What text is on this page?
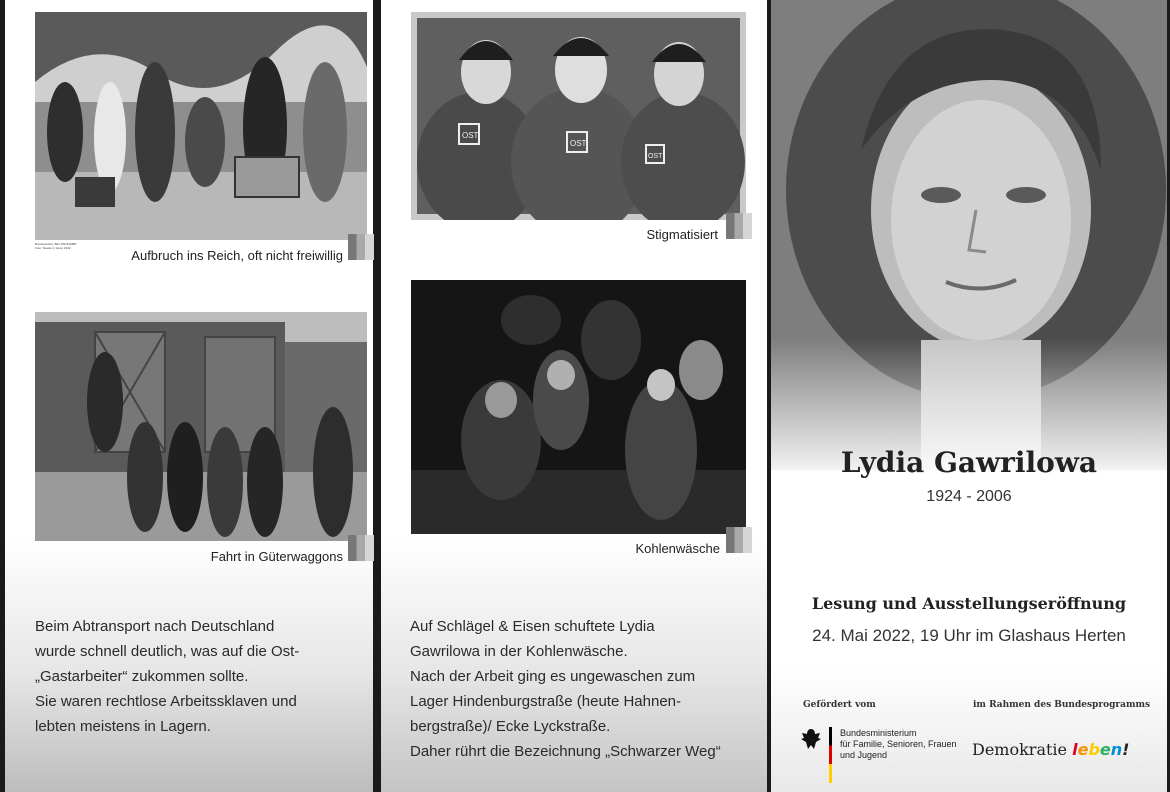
Bundesarchiv, Bild 183-B19887
Foto: Sweden | Hans 1942	Aufbruch ins Reich, oft nicht freiwillig
OST
OST
OST
Stigmatisiert
Fahrt in Güterwaggons
Kohlenwäsche

Beim Abtransport nach Deutschland

wurde schnell deutlich, was auf die Ost-

„Gastarbeiter“ zukommen sollte.

Sie waren rechtlose Arbeitssklaven und

lebten meistens in Lagern.

Auf Schlägel & Eisen schuftete Lydia

Gawrilowa in der Kohlenwäsche.

Nach der Arbeit ging es ungewaschen zum

Lager Hindenburgstraße (heute Hahnen-

bergstraße)/ Ecke Lyckstraße.

Daher rührt die Bezeichnung „Schwarzer Weg“

Lydia Gawrilowa
1924 - 2006
Lesung und Ausstellungseröffnung
24. Mai 2022, 19 Uhr im Glashaus Herten
Gefördert vom	im Rahmen des Bundesprogramms
Bundesministerium
für Familie, Senioren, Frauen
und Jugend	Demokratie leben!
